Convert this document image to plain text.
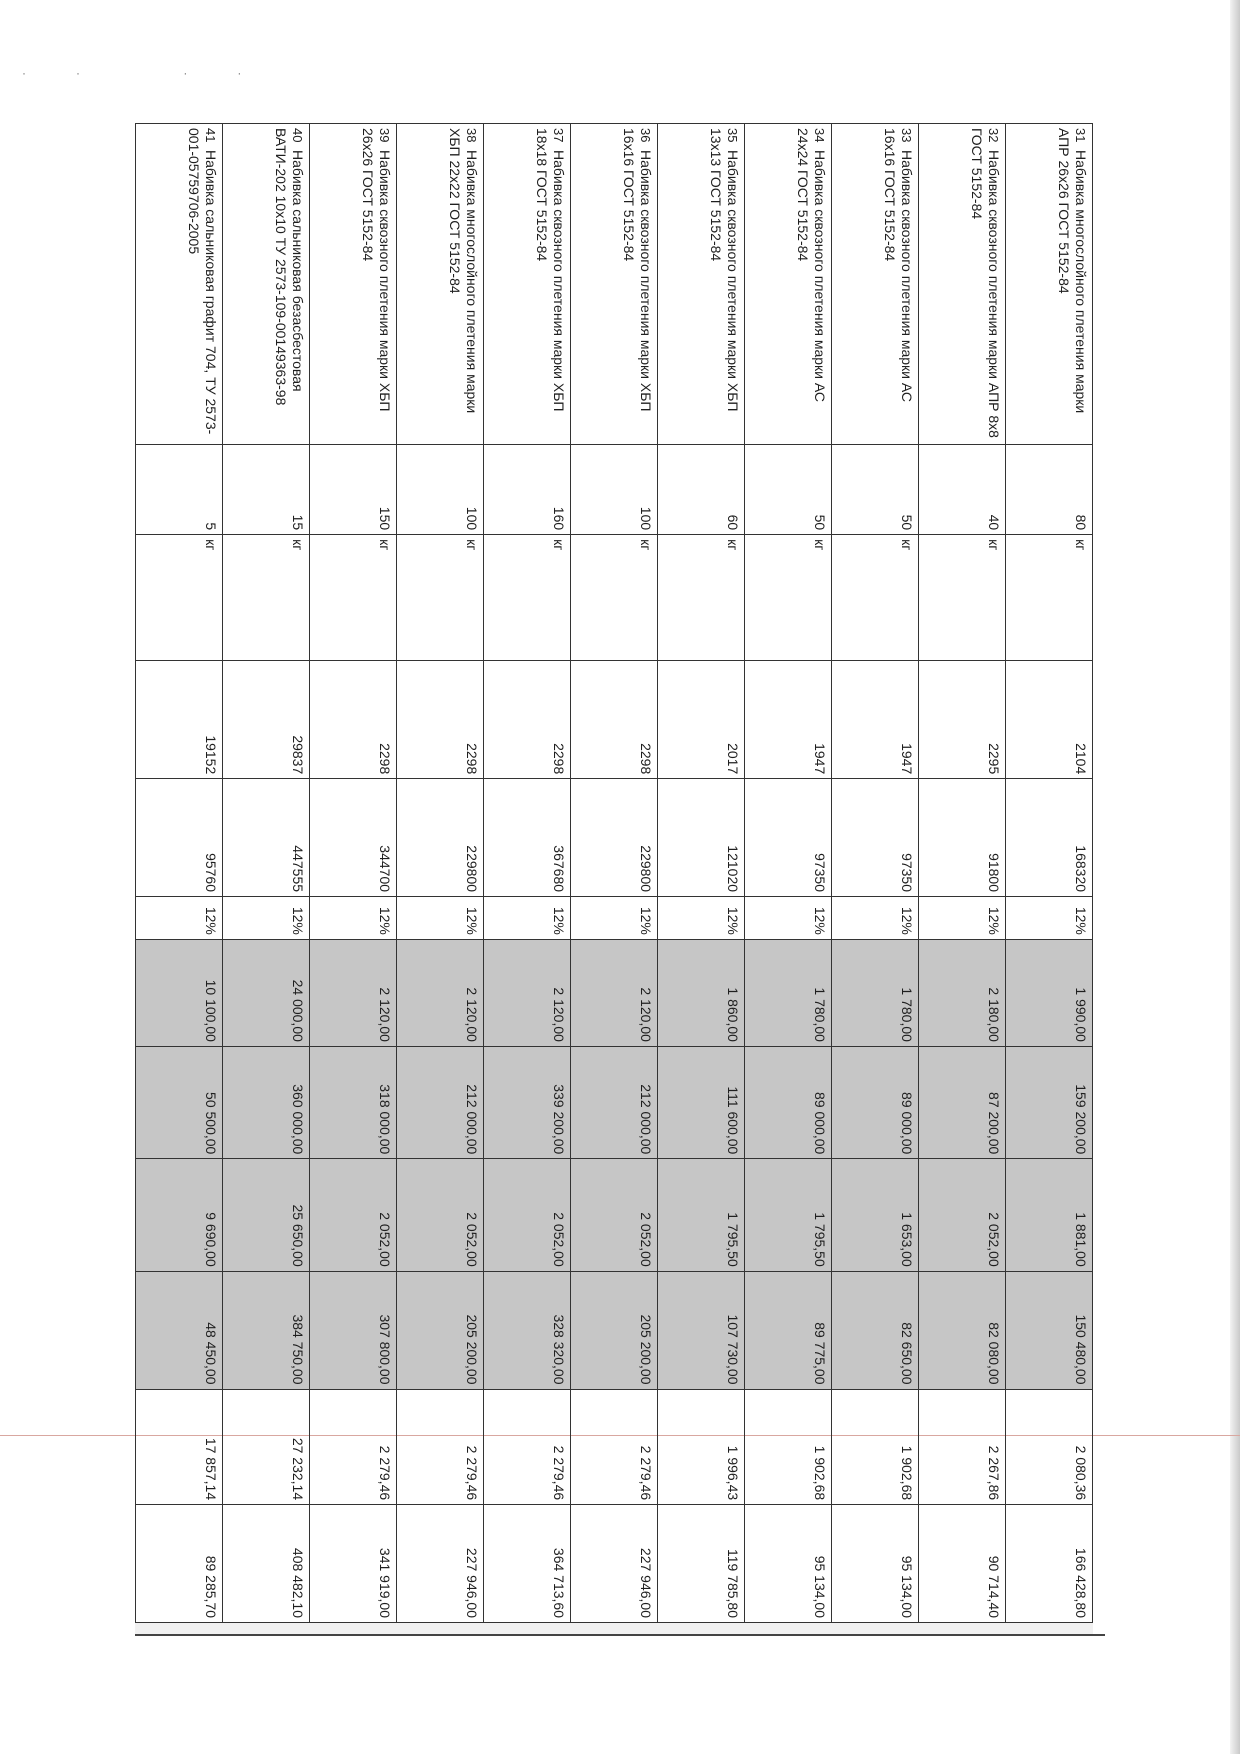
·· ··
31Набивка многослойного плетения марки АПР 26х26 ГОСТ 5152-84	80	кг	2104	168320	12%	1 990,00	159 200,00	1 881,00	150 480,00	2 080,36	166 428,80
32Набивка сквозного плетения марки АПР 8х8 ГОСТ 5152-84	40	кг	2295	91800	12%	2 180,00	87 200,00	2 052,00	82 080,00	2 267,86	90 714,40
33Набивка сквозного плетения марки АС 16х16 ГОСТ 5152-84	50	кг	1947	97350	12%	1 780,00	89 000,00	1 653,00	82 650,00	1 902,68	95 134,00
34Набивка сквозного плетения марки АС 24х24 ГОСТ 5152-84	50	кг	1947	97350	12%	1 780,00	89 000,00	1 795,50	89 775,00	1 902,68	95 134,00
35Набивка сквозного плетения марки ХБП 13х13 ГОСТ 5152-84	60	кг	2017	121020	12%	1 860,00	111 600,00	1 795,50	107 730,00	1 996,43	119 785,80
36Набивка сквозного плетения марки ХБП 16х16 ГОСТ 5152-84	100	кг	2298	229800	12%	2 120,00	212 000,00	2 052,00	205 200,00	2 279,46	227 946,00
37Набивка сквозного плетения марки ХБП 18х18 ГОСТ 5152-84	160	кг	2298	367680	12%	2 120,00	339 200,00	2 052,00	328 320,00	2 279,46	364 713,60
38Набивка многослойного плетения марки ХБП 22х22 ГОСТ 5152-84	100	кг	2298	229800	12%	2 120,00	212 000,00	2 052,00	205 200,00	2 279,46	227 946,00
39Набивка сквозного плетения марки ХБП 26х26 ГОСТ 5152-84	150	кг	2298	344700	12%	2 120,00	318 000,00	2 052,00	307 800,00	2 279,46	341 919,00
40Набивка сальниковая безасбестовая ВАТИ-202 10х10 ТУ 2573-109-00149363-98	15	кг	29837	447555	12%	24 000,00	360 000,00	25 650,00	384 750,00	27 232,14	408 482,10
41Набивка сальниковая графит 704, ТУ 2573-001-05759706-2005	5	кг	19152	95760	12%	10 100,00	50 500,00	9 690,00	48 450,00	17 857,14	89 285,70
